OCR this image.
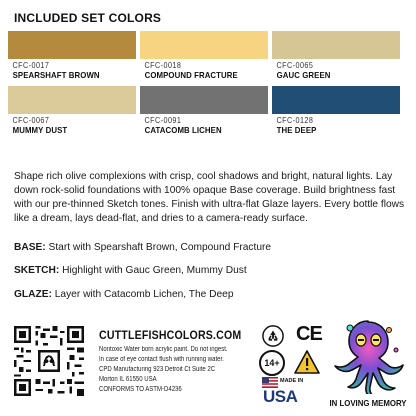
INCLUDED SET COLORS
CFC-0017
SPEARSHAFT BROWN
CFC-0018
COMPOUND FRACTURE
CFC-0065
GAUC GREEN
CFC-0067
MUMMY DUST
CFC-0091
CATACOMB LICHEN
CFC-0128
THE DEEP
Shape rich olive complexions with crisp, cool shadows and bright, natural lights. Lay down rock-solid foundations with 100% opaque Base coverage. Build brightness fast with our pre-thinned Sketch tones. Finish with ultra-flat Glaze layers. Every bottle flows like a dream, lays dead-flat, and dries to a camera-ready surface.
BASE: Start with Spearshaft Brown, Compound Fracture
SKETCH: Highlight with Gauc Green, Mummy Dust
GLAZE: Layer with Catacomb Lichen, The Deep
CUTTLEFISHCOLORS.COM
Nontoxic Water born acrylic paint. Do not ingest.
In case of eye contact flush with running water.
CPD Manufacturing 923 Detroit Ct Suite 2C
Morton IL 61550 USA
CONFORMS TO ASTM-D4236
CE
14+
MADE IN
USA	IN LOVING MEMORY
